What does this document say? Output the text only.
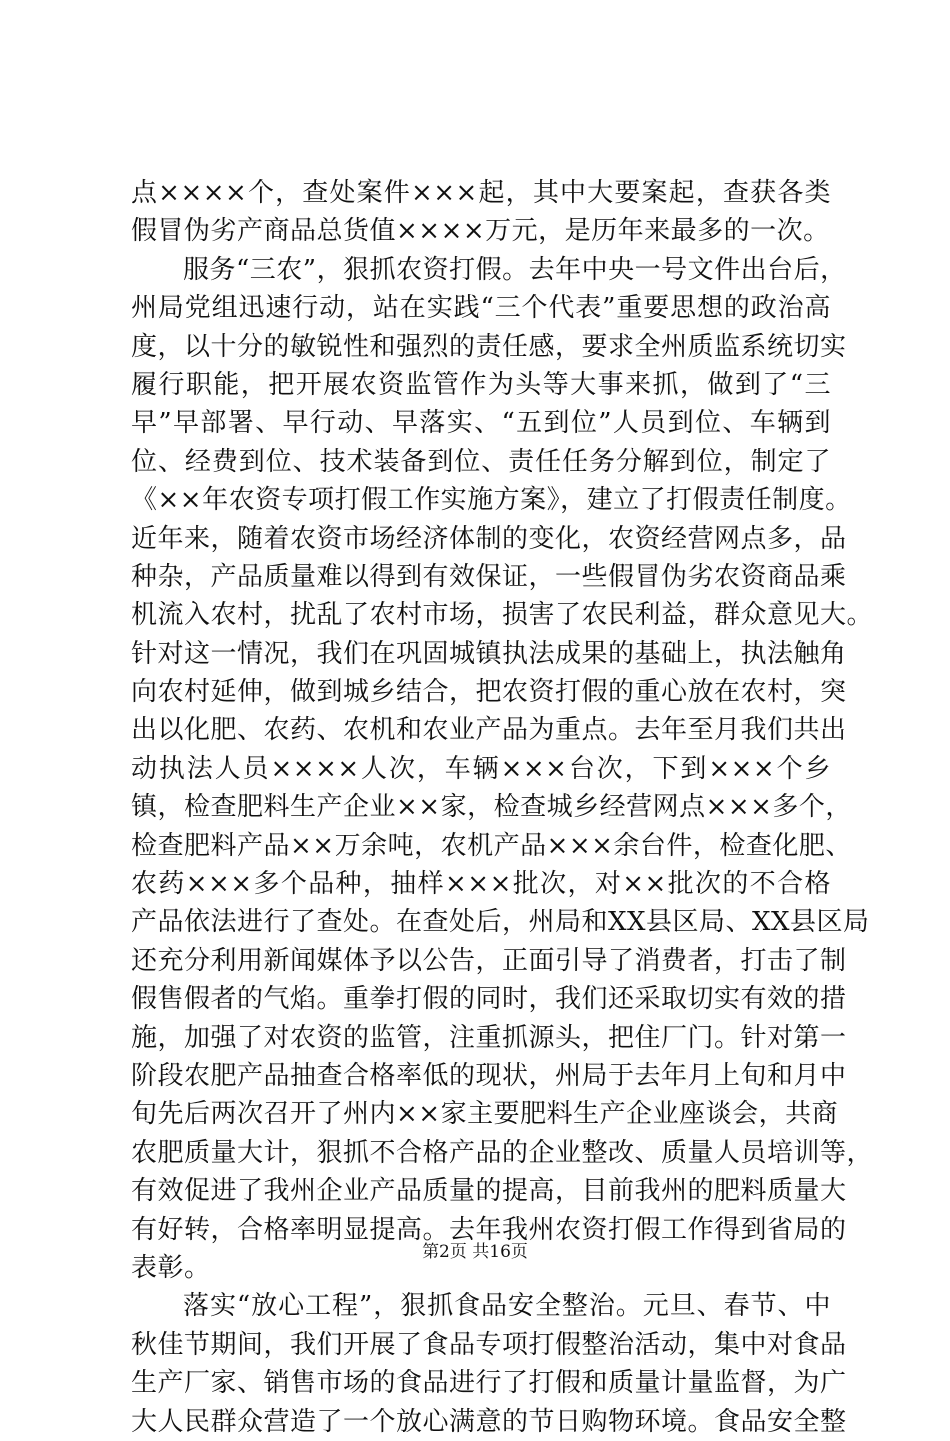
点××××个，查处案件×××起，其中大要案起，查获各类
假冒伪劣产商品总货值××××万元，是历年来最多的一次。
服务“三农”，狠抓农资打假。去年中央一号文件出台后，
州局党组迅速行动，站在实践“三个代表”重要思想的政治高
度，以十分的敏锐性和强烈的责任感，要求全州质监系统切实
履行职能，把开展农资监管作为头等大事来抓，做到了“三
早”早部署、早行动、早落实、“五到位”人员到位、车辆到
位、经费到位、技术装备到位、责任任务分解到位，制定了
《××年农资专项打假工作实施方案》，建立了打假责任制度。
近年来，随着农资市场经济体制的变化，农资经营网点多，品
种杂，产品质量难以得到有效保证，一些假冒伪劣农资商品乘
机流入农村，扰乱了农村市场，损害了农民利益，群众意见大。
针对这一情况，我们在巩固城镇执法成果的基础上，执法触角
向农村延伸，做到城乡结合，把农资打假的重心放在农村，突
出以化肥、农药、农机和农业产品为重点。去年至月我们共出
动执法人员××××人次，车辆×××台次，下到×××个乡
镇，检查肥料生产企业××家，检查城乡经营网点×××多个，
检查肥料产品××万余吨，农机产品×××余台件，检查化肥、
农药×××多个品种，抽样×××批次，对××批次的不合格
产品依法进行了查处。在查处后，州局和XX县区局、XX县区局
还充分利用新闻媒体予以公告，正面引导了消费者，打击了制
假售假者的气焰。重拳打假的同时，我们还采取切实有效的措
施，加强了对农资的监管，注重抓源头，把住厂门。针对第一
阶段农肥产品抽查合格率低的现状，州局于去年月上旬和月中
旬先后两次召开了州内××家主要肥料生产企业座谈会，共商
农肥质量大计，狠抓不合格产品的企业整改、质量人员培训等，
有效促进了我州企业产品质量的提高，目前我州的肥料质量大
有好转，合格率明显提高。去年我州农资打假工作得到省局的
表彰。
落实“放心工程”，狠抓食品安全整治。元旦、春节、中
秋佳节期间，我们开展了食品专项打假整治活动，集中对食品
生产厂家、销售市场的食品进行了打假和质量计量监督，为广
大人民群众营造了一个放心满意的节日购物环境。食品安全整
第2页 共16页
